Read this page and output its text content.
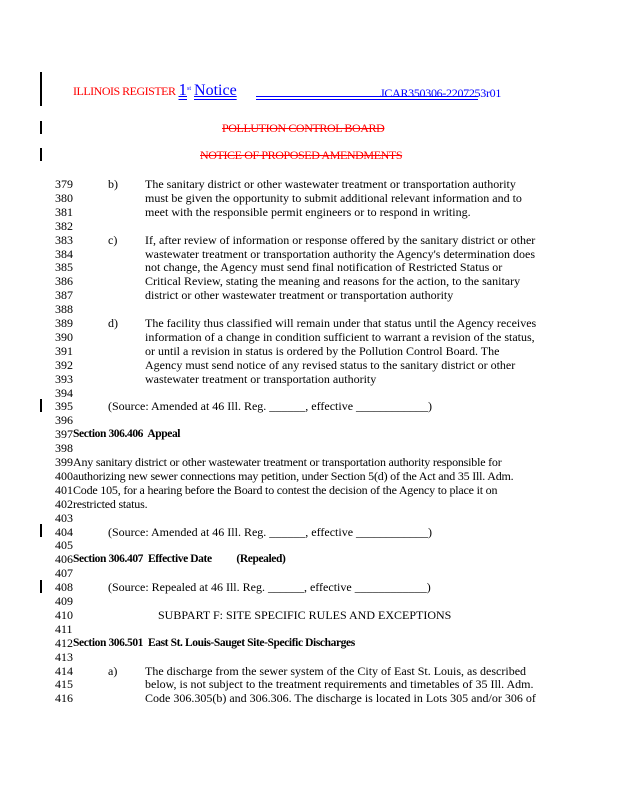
ILLINOIS REGISTER 1st Notice	JCAR350306-2207253r01
POLLUTION CONTROL BOARD
NOTICE OF PROPOSED AMENDMENTS
379	b) The sanitary district or other wastewater treatment or transportation authority
380	must be given the opportunity to submit additional relevant information and to
381	meet with the responsible permit engineers or to respond in writing.
382
383	c) If, after review of information or response offered by the sanitary district or other
384	wastewater treatment or transportation authority the Agency's determination does
385	not change, the Agency must send final notification of Restricted Status or
386	Critical Review, stating the meaning and reasons for the action, to the sanitary
387	district or other wastewater treatment or transportation authority
388
389	d) The facility thus classified will remain under that status until the Agency receives
390	information of a change in condition sufficient to warrant a revision of the status,
391	or until a revision in status is ordered by the Pollution Control Board. The
392	Agency must send notice of any revised status to the sanitary district or other
393	wastewater treatment or transportation authority
394
395	(Source: Amended at 46 Ill. Reg. ______, effective ____________)
396
397 Section 306.406  Appeal
398
399 Any sanitary district or other wastewater treatment or transportation authority responsible for
400 authorizing new sewer connections may petition, under Section 5(d) of the Act and 35 Ill. Adm.
401 Code 105, for a hearing before the Board to contest the decision of the Agency to place it on
402 restricted status.
403
404	(Source: Amended at 46 Ill. Reg. ______, effective ____________)
405
406 Section 306.407  Effective Date          (Repealed)
407
408	(Source: Repealed at 46 Ill. Reg. ______, effective ____________)
409
410	SUBPART F: SITE SPECIFIC RULES AND EXCEPTIONS
411
412 Section 306.501  East St. Louis-Sauget Site-Specific Discharges
413
414	a) The discharge from the sewer system of the City of East St. Louis, as described
415	below, is not subject to the treatment requirements and timetables of 35 Ill. Adm.
416	Code 306.305(b) and 306.306. The discharge is located in Lots 305 and/or 306 of
